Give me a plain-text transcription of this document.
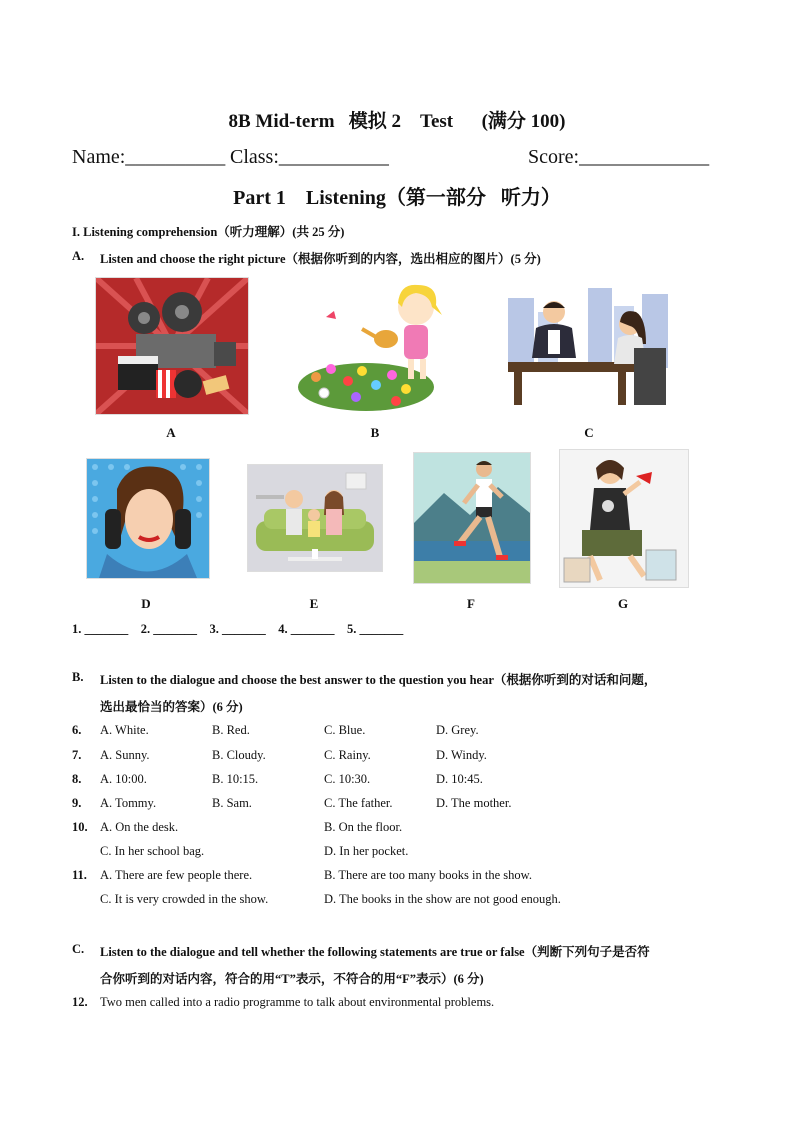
8B Mid-term   模拟 2    Test      (满分 100)
Name:__________ Class:___________	Score:_____________
Part 1    Listening（第一部分   听力）
I. Listening comprehension（听力理解）(共 25 分)
A. Listen and choose the right picture（根据你听到的内容，选出相应的图片）(5 分)
A	B	C
D	E	F	G
1. _______    2. _______    3. _______    4. _______    5. _______
B. Listen to the dialogue and choose the best answer to the question you hear（根据你听到的对话和问题，
选出最恰当的答案）(6 分)
6. A. White.	B. Red.	C. Blue.	D. Grey.
7. A. Sunny.	B. Cloudy.	C. Rainy.	D. Windy.
8. A. 10:00.	B. 10:15.	C. 10:30.	D. 10:45.
9. A. Tommy.	B. Sam.	C. The father.	D. The mother.
10. A. On the desk.	B. On the floor.
C. In her school bag.	D. In her pocket.
11. A. There are few people there.	B. There are too many books in the show.
C. It is very crowded in the show.	D. The books in the show are not good enough.
C. Listen to the dialogue and tell whether the following statements are true or false（判断下列句子是否符
合你听到的对话内容，符合的用“T”表示，不符合的用“F”表示）(6 分)
12. Two men called into a radio programme to talk about environmental problems.
